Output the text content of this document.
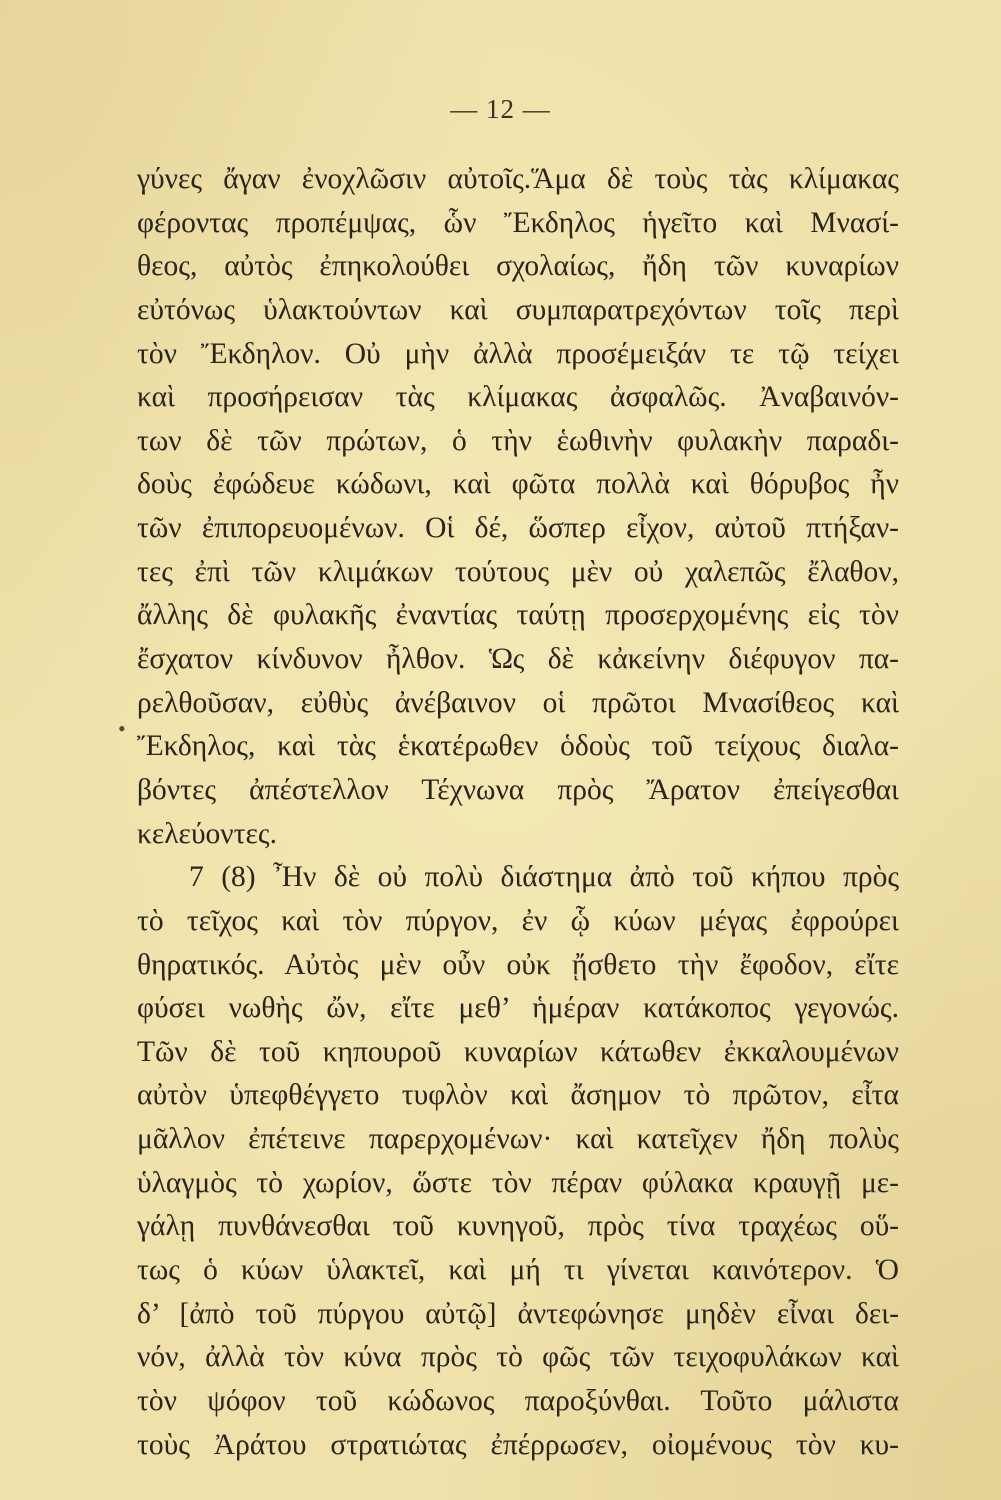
— 12 —
•
γύνες ἄγαν ἐνοχλῶσιν αὐτοῖς.Ἅμα δὲ τοὺς τὰς κλίμακας
φέροντας προπέμψας, ὧν Ἔκδηλος ἡγεῖτο καὶ Μνασί-
θεος, αὐτὸς ἐπηκολούθει σχολαίως, ἤδη τῶν κυναρίων
εὐτόνως ὑλακτούντων καὶ συμπαρατρεχόντων τοῖς περὶ
τὸν Ἔκδηλον. Οὐ μὴν ἀλλὰ προσέμειξάν τε τῷ τείχει
καὶ προσήρεισαν τὰς κλίμακας ἀσφαλῶς. Ἀναβαινόν-
των δὲ τῶν πρώτων, ὁ τὴν ἑωθινὴν φυλακὴν παραδι-
δοὺς ἐφώδευε κώδωνι, καὶ φῶτα πολλὰ καὶ θόρυβος ἦν
τῶν ἐπιπορευομένων. Οἱ δέ, ὥσπερ εἶχον, αὐτοῦ πτήξαν-
τες ἐπὶ τῶν κλιμάκων τούτους μὲν οὐ χαλεπῶς ἔλαθον,
ἄλλης δὲ φυλακῆς ἐναντίας ταύτῃ προσερχομένης εἰς τὸν
ἔσχατον κίνδυνον ἦλθον. Ὡς δὲ κἀκείνην διέφυγον πα-
ρελθοῦσαν, εὐθὺς ἀνέβαινον οἱ πρῶτοι Μνασίθεος καὶ
Ἔκδηλος, καὶ τὰς ἑκατέρωθεν ὁδοὺς τοῦ τείχους διαλα-
βόντες ἀπέστελλον Τέχνωνα πρὸς Ἄρατον ἐπείγεσθαι
κελεύοντες.
7 (8) Ἦν δὲ οὐ πολὺ διάστημα ἀπὸ τοῦ κήπου πρὸς
τὸ τεῖχος καὶ τὸν πύργον, ἐν ᾧ κύων μέγας ἐφρούρει
θηρατικός. Αὐτὸς μὲν οὖν οὐκ ᾔσθετο τὴν ἔφοδον, εἴτε
φύσει νωθὴς ὤν, εἴτε μεθ’ ἡμέραν κατάκοπος γεγονώς.
Τῶν δὲ τοῦ κηπουροῦ κυναρίων κάτωθεν ἐκκαλουμένων
αὐτὸν ὑπεφθέγγετο τυφλὸν καὶ ἄσημον τὸ πρῶτον, εἶτα
μᾶλλον ἐπέτεινε παρερχομένων· καὶ κατεῖχεν ἤδη πολὺς
ὑλαγμὸς τὸ χωρίον, ὥστε τὸν πέραν φύλακα κραυγῇ με-
γάλῃ πυνθάνεσθαι τοῦ κυνηγοῦ, πρὸς τίνα τραχέως οὕ-
τως ὁ κύων ὑλακτεῖ, καὶ μή τι γίνεται καινότερον. Ὁ
δ’ [ἀπὸ τοῦ πύργου αὐτῷ] ἀντεφώνησε μηδὲν εἶναι δει-
νόν, ἀλλὰ τὸν κύνα πρὸς τὸ φῶς τῶν τειχοφυλάκων καὶ
τὸν ψόφον τοῦ κώδωνος παροξύνθαι. Τοῦτο μάλιστα
τοὺς Ἀράτου στρατιώτας ἐπέρρωσεν, οἰομένους τὸν κυ-
